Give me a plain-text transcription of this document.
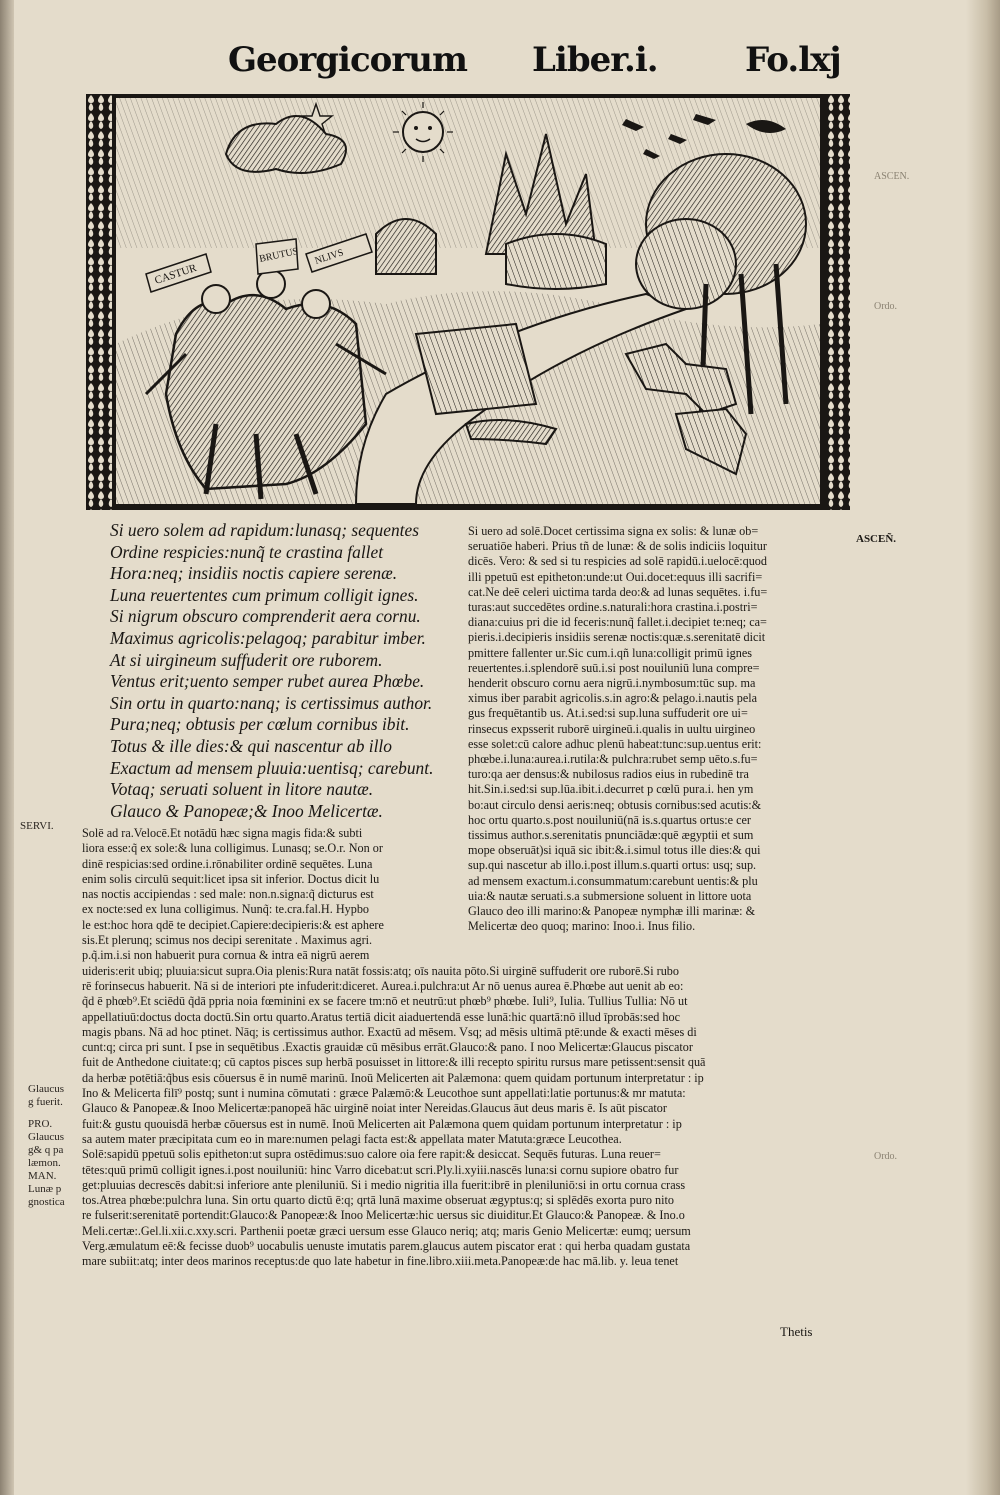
Georgicorum Liber.i.	Fo.lxj
CASTUR
BRUTUS NLIVS
Si uero solem ad rapidum:lunasq; sequentes
Ordine respicies:nunq̃ te crastina fallet
Hora:neq; insidiis noctis capiere serenæ.
Luna reuertentes cum primum colligit ignes.
Si nigrum obscuro comprenderit aera cornu.
Maximus agricolis:pelagoq; parabitur imber.
At si uirgineum suffuderit ore ruborem.
Ventus erit;uento semper rubet aurea Phœbe.
Sin ortu in quarto:nanq; is certissimus author.
Pura;neq; obtusis per cœlum cornibus ibit.
Totus & ille dies:& qui nascentur ab illo
Exactum ad mensem pluuia:uentisq; carebunt.
Votaq; seruati soluent in litore nautæ.
Glauco & Panopeæ;& Inoo Melicertæ.
Si uero ad solē.Docet certissima signa ex solis: & lunæ ob=
seruatiōe haberi. Prius tñ de lunæ: & de solis indiciis loquitur
dicēs. Vero: & sed si tu respicies ad solē rapidū.i.uelocē:quod
illi ppetuū est epitheton:unde:ut Oui.docet:equus illi sacrifi=
cat.Ne deē celeri uictima tarda deo:& ad lunas sequētes. i.fu=
turas:aut succedētes ordine.s.naturali:hora crastina.i.postri=
diana:cuius pri die id feceris:nunq̃ fallet.i.decipiet te:neq; ca=
pieris.i.decipieris insidiis serenæ noctis:quæ.s.serenitatē dicit
pmittere fallenter ur.Sic cum.i.qñ luna:colligit primū ignes
reuertentes.i.splendorē suū.i.si post nouiluniū luna compre=
henderit obscuro cornu aera nigrū.i.nymbosum:tūc sup. ma
ximus iber parabit agricolis.s.in agro:& pelago.i.nautis pela
gus frequētantib us. At.i.sed:si sup.luna suffuderit ore ui=
rinsecus expsserit ruborē uirgineū.i.qualis in uultu uirgineo
esse solet:cū calore adhuc plenū habeat:tunc:sup.uentus erit:
phœbe.i.luna:aurea.i.rutila:& pulchra:rubet semp uēto.s.fu=
turo:qa aer densus:& nubilosus radios eius in rubedinē tra
hit.Sin.i.sed:si sup.lūa.ibit.i.decurret p cœlū pura.i. hen ym
bo:aut circulo densi aeris:neq; obtusis cornibus:sed acutis:&
hoc ortu quarto.s.post nouiluniū(nā is.s.quartus ortus:e cer
tissimus author.s.serenitatis pnunciādæ:quē ægyptii et sum
mope obseruāt)si iquā sic ibit:&.i.simul totus ille dies:& qui
sup.qui nascetur ab illo.i.post illum.s.quarti ortus: usq; sup.
ad mensem exactum.i.consummatum:carebunt uentis:& plu
uia:& nautæ seruati.s.a submersione soluent in littore uota
Glauco deo illi marino:& Panopeæ nymphæ illi marinæ: &
Melicertæ deo quoq; marino: Inoo.i. Inus filio.
Solē ad ra.Velocē.Et notādū hæc signa magis fida:& subti
liora esse:q̃ ex sole:& luna colligimus. Lunasq; se.O.r. Non or
dinē respicias:sed ordine.i.rōnabiliter ordinē sequētes. Luna
enim solis circulū sequit:licet ipsa sit inferior. Doctus dicit lu
nas noctis accipiendas : sed male: non.n.signa:q̃ dicturus est
ex nocte:sed ex luna colligimus. Nunq̃: te.cra.fal.H. Hypbo
le est:hoc hora qdē te decipiet.Capiere:decipieris:& est aphere
sis.Et plerunq; scimus nos decipi serenitate . Maximus agri.
p.q̃.im.i.si non habuerit pura cornua & intra eā nigrū aerem
uideris:erit ubiq; pluuia:sicut supra.Oia plenis:Rura natāt fossis:atq; oīs nauita pōto.Si uirginē suffuderit ore ruborē.Si rubo
rē forinsecus habuerit. Nā si de interiori pte infuderit:diceret. Aurea.i.pulchra:ut Ar nō uenus aurea ē.Phœbe aut uenit ab eo:
q̃d ē phœb⁹.Et sciēdū q̃dā ppria noia fœminini ex se facere tm:nō et neutrū:ut phœb⁹ phœbe. Iuli⁹, Iulia. Tullius Tullia: Nō ut
appellatiuū:doctus docta doctū.Sin ortu quarto.Aratus tertiā dicit aiaduertendā esse lunā:hic quartā:nō illud īprobās:sed hoc
magis pbans. Nā ad hoc ptinet. Nāq; is certissimus author. Exactū ad mēsem. Vsq; ad mēsis ultimā ptē:unde & exacti mēses di
cunt:q; circa pri sunt. I pse in sequētibus .Exactis grauidæ cū mēsibus errāt.Glauco:& pano. I noo Melicertæ:Glaucus piscator
fuit de Anthedone ciuitate:q; cū captos pisces sup herbā posuisset in littore:& illi recepto spiritu rursus mare petissent:sensit quā
da herbæ potētiā:q̃bus esis cōuersus ē in numē marinū. Inoū Melicerten ait Palæmona: quem quidam portunum interpretatur : ip
Ino & Melicerta filī⁹ postq; sunt i numina cōmutati : græce Palæmō:& Leucothoe sunt appellati:latie portunus:& mr matuta:
Glauco & Panopeæ.& Inoo Melicertæ:panopeā hāc uirginē noiat inter Nereidas.Glaucus āut deus maris ē. Is aūt piscator
fuit:& gustu quouisdā herbæ cōuersus est in numē. Inoū Melicerten ait Palæmona quem quidam portunum interpretatur : ip
sa autem mater præcipitata cum eo in mare:numen pelagi facta est:& appellata mater Matuta:græce Leucothea.
Solē:sapidū ppetuū solis epitheton:ut supra ostēdimus:suo calore oia fere rapit:& desiccat. Sequēs futuras. Luna reuer=
tētes:quū primū colligit ignes.i.post nouiluniū: hinc Varro dicebat:ut scri.Ply.li.xyiii.nascēs luna:si cornu supiore obatro fur
get:pluuias decrescēs dabit:si inferiore ante pleniluniū. Si i medio nigritia illa fuerit:ibrē in pleniluniō:si in ortu cornua crass
tos.Atrea phœbe:pulchra luna. Sin ortu quarto dictū ē:q; qrtā lunā maxime obseruat ægyptus:q; si splēdēs exorta puro nito
re fulserit:serenitatē portendit:Glauco:& Panopeæ:& Inoo Melicertæ:hic uersus sic diuiditur.Et Glauco:& Panopeæ. & Ino.o
Meli.certæ:.Gel.li.xii.c.xxy.scri. Parthenii poetæ græci uersum esse Glauco neriq; atq; maris Genio Melicertæ: eumq; uersum
Verg.æmulatum eē:& fecisse duob⁹ uocabulis uenuste imutatis parem.glaucus autem piscator erat : qui herba quadam gustata
mare subiit:atq; inter deos marinos receptus:de quo late habetur in fine.libro.xiii.meta.Panopeæ:de hac mā.lib. y. leua tenet
SERVI.
Glaucus
g fuerit.
PRO.
Glaucus
g& q pa
læmon.
MAN.
Lunæ p
gnostica
ASCEÑ.
ASCEN.
Ordo.
Ordo.
Thetis
